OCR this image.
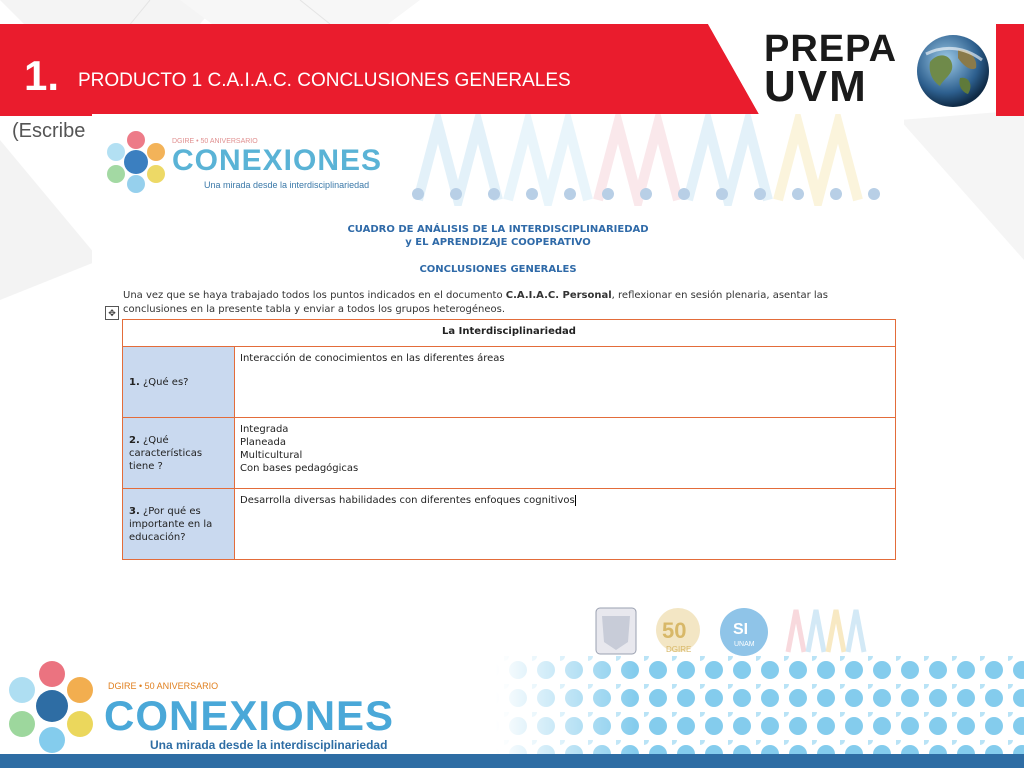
1. PRODUCTO 1 C.A.I.A.C. CONCLUSIONES GENERALES
PREPA
UVM
(Escribe	DGIRE • 50 ANIVERSARIO
CONEXIONES
Una mirada desde la interdisciplinariedad
CUADRO DE ANÁLISIS DE LA INTERDISCIPLINARIEDAD
y EL APRENDIZAJE COOPERATIVO
CONCLUSIONES GENERALES
Una vez que se haya trabajado todos los puntos indicados en el documento C.A.I.A.C. Personal, reflexionar en sesión plenaria, asentar las conclusiones en la presente tabla y enviar a todos los grupos heterogéneos.
✥
La Interdisciplinariedad	
1. ¿Qué es?	Interacción de conocimientos en las diferentes áreas

2. ¿Qué características tiene ?	Integrada
Planeada
Multicultural
Con bases pedagógicas

3. ¿Por qué es importante en la educación?	Desarrolla diversas habilidades con diferentes enfoques cognitivos
50
DGIRE
SI
UNAM
DGIRE • 50 ANIVERSARIO
CONEXIONES
Una mirada desde la interdisciplinariedad
